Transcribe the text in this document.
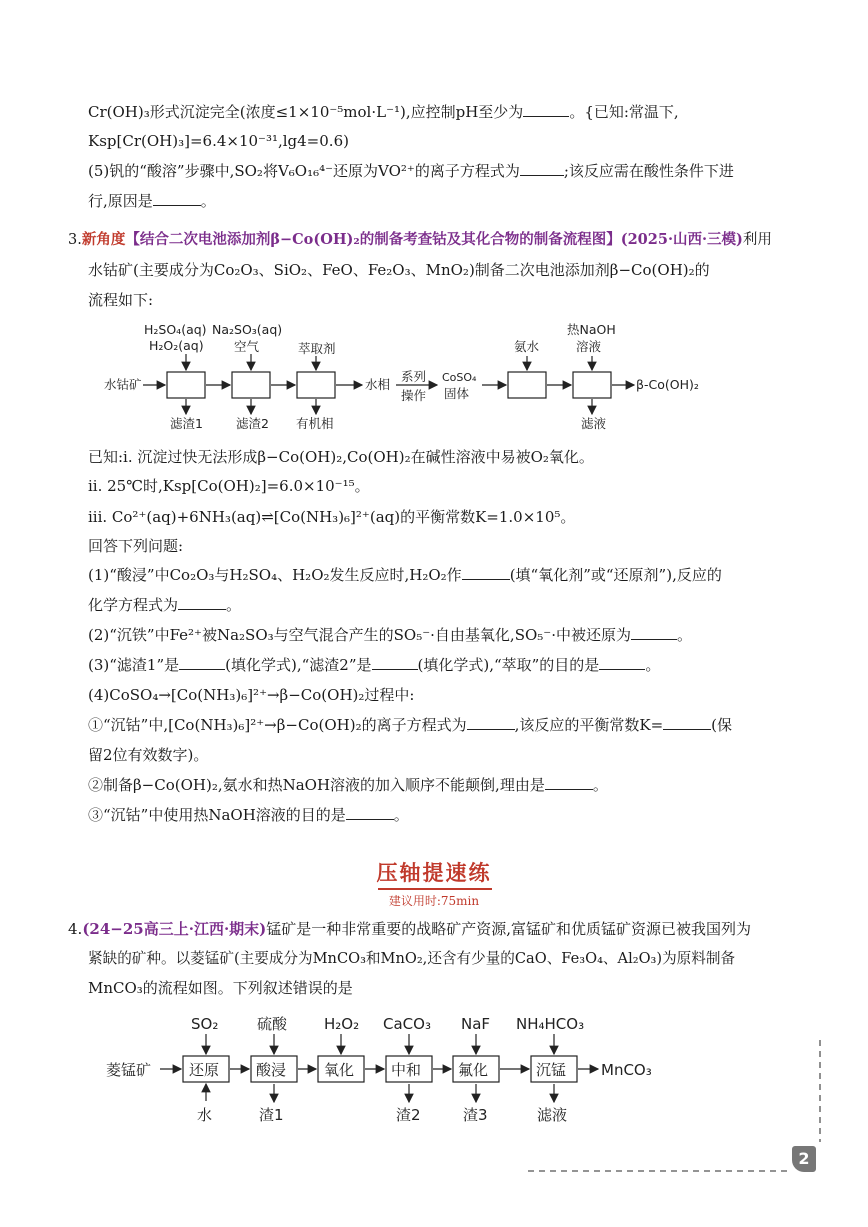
Cr(OH)₃形式沉淀完全(浓度≤1×10⁻⁵mol·L⁻¹),应控制pH至少为	。{已知:常温下,
Ksp[Cr(OH)₃]=6.4×10⁻³¹,lg4=0.6)
(5)钒的“酸溶”步骤中,SO₂将V₆O₁₆⁴⁻还原为VO²⁺的离子方程式为	;该反应需在酸性条件下进
行,原因是	。
3.新角度【结合二次电池添加剂β−Co(OH)₂的制备考查钴及其化合物的制备流程图】(2025·山西·三模)利用
水钴矿(主要成分为Co₂O₃、SiO₂、FeO、Fe₂O₃、MnO₂)制备二次电池添加剂β−Co(OH)₂的
流程如下:
水钴矿
H₂SO₄(aq)
H₂O₂(aq)
Na₂SO₃(aq)
空气	萃取剂	氨水
热NaOH
溶液
滤渣1	滤渣2 有机相	滤液
水相
系列
操作
CoSO₄
固体
β-Co(OH)₂
菱锰矿
SO₂	硫酸 H₂O₂ CaCO₃ NaF NH₄HCO₃
水	渣1	渣2	渣3	滤液
MnCO₃
还原 酸浸	氧化 中和 氟化	沉锰
已知:i. 沉淀过快无法形成β−Co(OH)₂,Co(OH)₂在碱性溶液中易被O₂氧化。
ii. 25℃时,Ksp[Co(OH)₂]=6.0×10⁻¹⁵。
iii. Co²⁺(aq)+6NH₃(aq)⇌[Co(NH₃)₆]²⁺(aq)的平衡常数K=1.0×10⁵。
回答下列问题:
(1)“酸浸”中Co₂O₃与H₂SO₄、H₂O₂发生反应时,H₂O₂作	(填“氧化剂”或“还原剂”),反应的
化学方程式为	。
(2)“沉铁”中Fe²⁺被Na₂SO₃与空气混合产生的SO₅⁻·自由基氧化,SO₅⁻·中被还原为	。
(3)“滤渣1”是	(填化学式),“滤渣2”是	(填化学式),“萃取”的目的是	。
(4)CoSO₄→[Co(NH₃)₆]²⁺→β−Co(OH)₂过程中:
①“沉钴”中,[Co(NH₃)₆]²⁺→β−Co(OH)₂的离子方程式为	,该反应的平衡常数K=	(保
留2位有效数字)。
②制备β−Co(OH)₂,氨水和热NaOH溶液的加入顺序不能颠倒,理由是	。
③“沉钴”中使用热NaOH溶液的目的是	。
压轴提速练
建议用时:75min
4.(24−25高三上·江西·期末)锰矿是一种非常重要的战略矿产资源,富锰矿和优质锰矿资源已被我国列为
紧缺的矿种。以菱锰矿(主要成分为MnCO₃和MnO₂,还含有少量的CaO、Fe₃O₄、Al₂O₃)为原料制备
MnCO₃的流程如图。下列叙述错误的是
2
